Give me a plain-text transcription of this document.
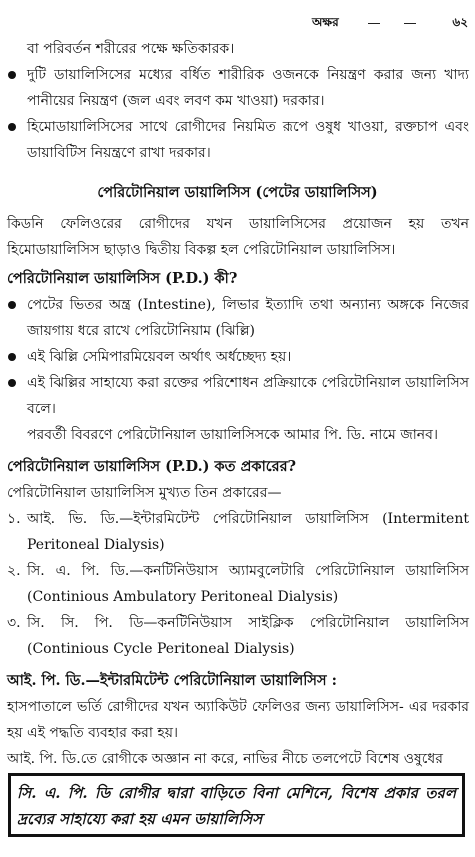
অক্ষর	৬২

বা পরিবর্তন শরীরের পক্ষে ক্ষতিকারক।

দুটি ডায়ালিসিসের মধ্যের বর্ধিত শারীরিক ওজনকে নিয়ন্ত্রণ করার জন্য খাদ্য পানীয়ের নিয়ন্ত্রণ (জল এবং লবণ কম খাওয়া) দরকার।
হিমোডায়ালিসিসের সাথে রোগীদের নিয়মিত রূপে ওষুধ খাওয়া, রক্তচাপ এবং ডায়াবিটিস নিয়ন্ত্রণে রাখা দরকার।
পেরিটোনিয়াল ডায়ালিসিস (পেটের ডায়ালিসিস)

কিডনি ফেলিওরের রোগীদের যখন ডায়ালিসিসের প্রয়োজন হয় তখন হিমোডায়ালিসিস ছাড়াও দ্বিতীয় বিকল্প হল পেরিটোনিয়াল ডায়ালিসিস।

পেরিটোনিয়াল ডায়ালিসিস (P.D.) কী?
পেটের ভিতর অন্ত্র (Intestine), লিভার ইত্যাদি তথা অন্যান্য অঙ্গকে নিজের জায়গায় ধরে রাখে পেরিটোনিয়াম (ঝিল্লি)
এই ঝিল্লি সেমিপারমিয়েবল অর্থাৎ অর্ধচ্ছেদ্য হয়।
এই ঝিল্লির সাহায্যে করা রক্তের পরিশোধন প্রক্রিয়াকে পেরিটোনিয়াল ডায়ালিসিস বলে।

পরবর্তী বিবরণে পেরিটোনিয়াল ডায়ালিসিসকে আমার পি. ডি. নামে জানব।

পেরিটোনিয়াল ডায়ালিসিস (P.D.) কত প্রকারের?

পেরিটোনিয়াল ডায়ালিসিস মুখ্যত তিন প্রকারের—

১. আই. ভি. ডি.—ইন্টারমিটেন্ট পেরিটোনিয়াল ডায়ালিসিস (Intermitent Peritoneal Dialysis)
২. সি. এ. পি. ডি.—কনটিনিউয়াস অ্যামবুলেটারি পেরিটোনিয়াল ডায়ালিসিস (Continious Ambulatory Peritoneal Dialysis)
৩. সি. সি. পি. ডি—কনটিনিউয়াস সাইক্লিক পেরিটোনিয়াল ডায়ালিসিস (Continious Cycle Peritoneal Dialysis)
আই. পি. ডি.—ইন্টারমিটেন্ট পেরিটোনিয়াল ডায়ালিসিস :

হাসপাতালে ভর্তি রোগীদের যখন অ্যাকিউট ফেলিওর জন্য ডায়ালিসিস- এর দরকার হয় এই পদ্ধতি ব্যবহার করা হয়।

আই. পি. ডি.তে রোগীকে অজ্ঞান না করে, নাভির নীচে তলপেটে বিশেষ ওষুধের

সি. এ. পি. ডি রোগীর দ্বারা বাড়িতে বিনা মেশিনে, বিশেষ প্রকার তরল দ্রব্যের সাহায্যে করা হয় এমন ডায়ালিসিস
